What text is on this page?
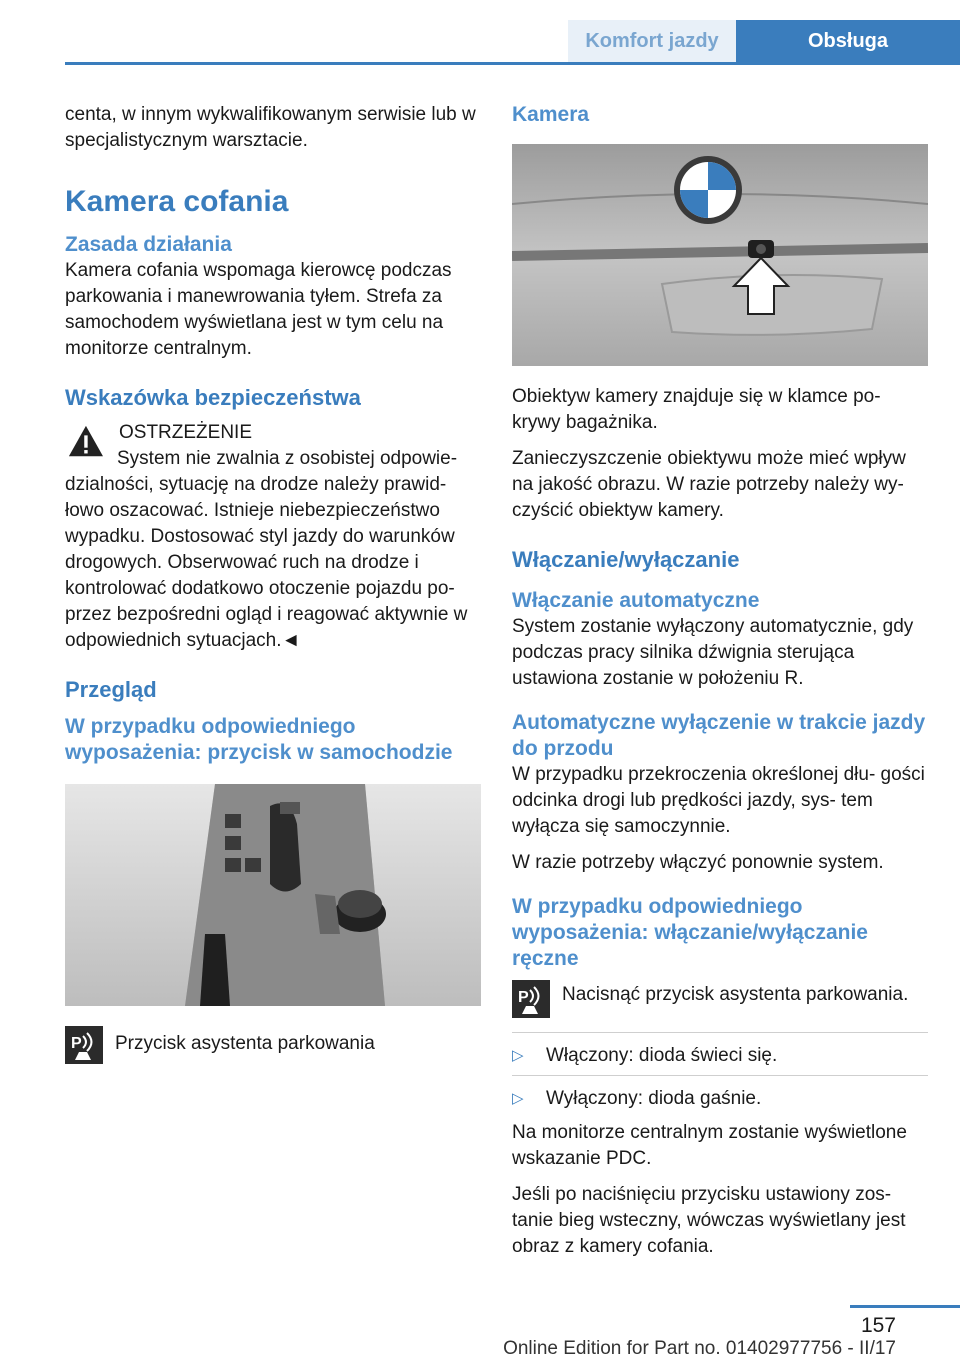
Komfort jazdy	Obsługa

centa, w innym wykwalifikowanym serwisie lub w specjalistycznym warsztacie.

Kamera cofania
Zasada działania

Kamera cofania wspomaga kierowcę podczas parkowania i manewrowania tyłem. Strefa za samochodem wyświetlana jest w tym celu na monitorze centralnym.

Wskazówka bezpieczeństwa

OSTRZEŻENIE

System nie zwalnia z osobistej odpowie- dzialności, sytuację na drodze należy prawid- łowo oszacować. Istnieje niebezpieczeństwo wypadku. Dostosować styl jazdy do warunków drogowych. Obserwować ruch na drodze i kontrolować dodatkowo otoczenie pojazdu po- przez bezpośredni ogląd i reagować aktywnie w odpowiednich sytuacjach.◄

Przegląd
W przypadku odpowiedniego wyposażenia: przycisk w samochodzie
P Przycisk asystenta parkowania

Kamera

Obiektyw kamery znajduje się w klamce po- krywy bagażnika.

Zanieczyszczenie obiektywu może mieć wpływ na jakość obrazu. W razie potrzeby należy wy- czyścić obiektyw kamery.

Włączanie/wyłączanie
Włączanie automatyczne

System zostanie wyłączony automatycznie, gdy podczas pracy silnika dźwignia sterująca ustawiona zostanie w położeniu R.

Automatyczne wyłączenie w trakcie jazdy do przodu

W przypadku przekroczenia określonej dłu- gości odcinka drogi lub prędkości jazdy, sys- tem wyłącza się samoczynnie.

W razie potrzeby włączyć ponownie system.

W przypadku odpowiedniego wyposażenia: włączanie/wyłączanie ręczne
P Nacisnąć przycisk asystenta parkowania.

▷	Włączony: dioda świeci się.

▷	Wyłączony: dioda gaśnie.

Na monitorze centralnym zostanie wyświetlone wskazanie PDC.

Jeśli po naciśnięciu przycisku ustawiony zos- tanie bieg wsteczny, wówczas wyświetlany jest obraz z kamery cofania.

157
Online Edition for Part no. 01402977756 - II/17
